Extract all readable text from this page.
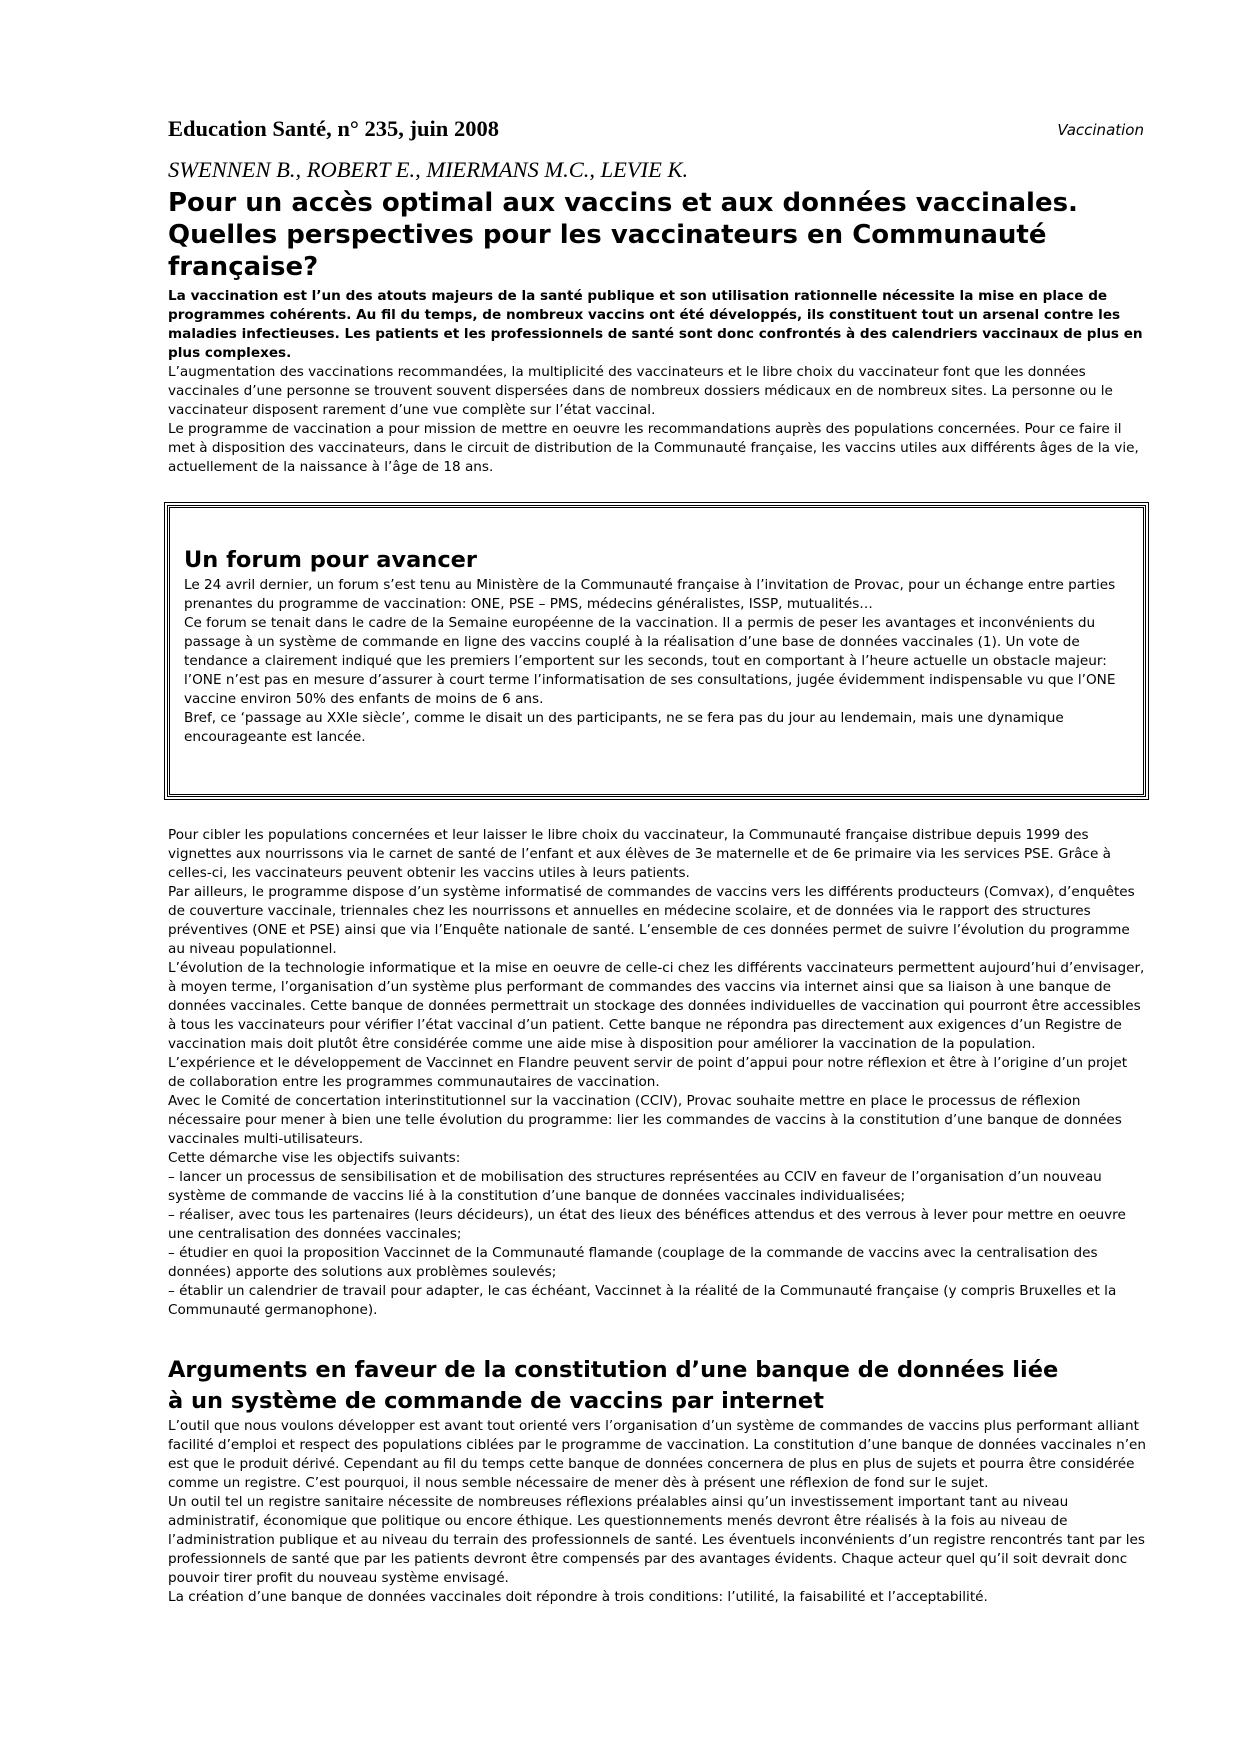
Education Santé, n° 235, juin 2008	Vaccination
SWENNEN B., ROBERT E., MIERMANS M.C., LEVIE K.
Pour un accès optimal aux vaccins et aux données vaccinales.
Quelles perspectives pour les vaccinateurs en Communauté
française?

La vaccination est l’un des atouts majeurs de la santé publique et son utilisation rationnelle nécessite la mise en place de programmes cohérents. Au fil du temps, de nombreux vaccins ont été développés, ils constituent tout un arsenal contre les maladies infectieuses. Les patients et les professionnels de santé sont donc confrontés à des calendriers vaccinaux de plus en plus complexes.

L’augmentation des vaccinations recommandées, la multiplicité des vaccinateurs et le libre choix du vaccinateur font que les données vaccinales d’une personne se trouvent souvent dispersées dans de nombreux dossiers médicaux en de nombreux sites. La personne ou le vaccinateur disposent rarement d’une vue complète sur l’état vaccinal.

Le programme de vaccination a pour mission de mettre en oeuvre les recommandations auprès des populations concernées. Pour ce faire il met à disposition des vaccinateurs, dans le circuit de distribution de la Communauté française, les vaccins utiles aux différents âges de la vie, actuellement de la naissance à l’âge de 18 ans.

Un forum pour avancer

Le 24 avril dernier, un forum s’est tenu au Ministère de la Communauté française à l’invitation de Provac, pour un échange entre parties prenantes du programme de vaccination: ONE, PSE – PMS, médecins généralistes, ISSP, mutualités…

Ce forum se tenait dans le cadre de la Semaine européenne de la vaccination. Il a permis de peser les avantages et inconvénients du passage à un système de commande en ligne des vaccins couplé à la réalisation d’une base de données vaccinales (1). Un vote de tendance a clairement indiqué que les premiers l’emportent sur les seconds, tout en comportant à l’heure actuelle un obstacle majeur: l’ONE n’est pas en mesure d’assurer à court terme l’informatisation de ses consultations, jugée évidemment indispensable vu que l’ONE vaccine environ 50% des enfants de moins de 6 ans.

Bref, ce ‘passage au XXIe siècle’, comme le disait un des participants, ne se fera pas du jour au lendemain, mais une dynamique encourageante est lancée.

Pour cibler les populations concernées et leur laisser le libre choix du vaccinateur, la Communauté française distribue depuis 1999 des vignettes aux nourrissons via le carnet de santé de l’enfant et aux élèves de 3e maternelle et de 6e primaire via les services PSE. Grâce à celles-ci, les vaccinateurs peuvent obtenir les vaccins utiles à leurs patients.

Par ailleurs, le programme dispose d’un système informatisé de commandes de vaccins vers les différents producteurs (Comvax), d’enquêtes de couverture vaccinale, triennales chez les nourrissons et annuelles en médecine scolaire, et de données via le rapport des structures préventives (ONE et PSE) ainsi que via l’Enquête nationale de santé. L’ensemble de ces données permet de suivre l’évolution du programme au niveau populationnel.

L’évolution de la technologie informatique et la mise en oeuvre de celle-ci chez les différents vaccinateurs permettent aujourd’hui d’envisager, à moyen terme, l’organisation d’un système plus performant de commandes des vaccins via internet ainsi que sa liaison à une banque de données vaccinales. Cette banque de données permettrait un stockage des données individuelles de vaccination qui pourront être accessibles à tous les vaccinateurs pour vérifier l’état vaccinal d’un patient. Cette banque ne répondra pas directement aux exigences d’un Registre de vaccination mais doit plutôt être considérée comme une aide mise à disposition pour améliorer la vaccination de la population.

L’expérience et le développement de Vaccinnet en Flandre peuvent servir de point d’appui pour notre réflexion et être à l’origine d’un projet de collaboration entre les programmes communautaires de vaccination.

Avec le Comité de concertation interinstitutionnel sur la vaccination (CCIV), Provac souhaite mettre en place le processus de réflexion nécessaire pour mener à bien une telle évolution du programme: lier les commandes de vaccins à la constitution d’une banque de données vaccinales multi-utilisateurs.

Cette démarche vise les objectifs suivants:

– lancer un processus de sensibilisation et de mobilisation des structures représentées au CCIV en faveur de l’organisation d’un nouveau système de commande de vaccins lié à la constitution d’une banque de données vaccinales individualisées;

– réaliser, avec tous les partenaires (leurs décideurs), un état des lieux des bénéfices attendus et des verrous à lever pour mettre en oeuvre une centralisation des données vaccinales;

– étudier en quoi la proposition Vaccinnet de la Communauté flamande (couplage de la commande de vaccins avec la centralisation des données) apporte des solutions aux problèmes soulevés;

– établir un calendrier de travail pour adapter, le cas échéant, Vaccinnet à la réalité de la Communauté française (y compris Bruxelles et la Communauté germanophone).

Arguments en faveur de la constitution d’une banque de données liée
à un système de commande de vaccins par internet

L’outil que nous voulons développer est avant tout orienté vers l’organisation d’un système de commandes de vaccins plus performant alliant facilité d’emploi et respect des populations ciblées par le programme de vaccination. La constitution d’une banque de données vaccinales n’en est que le produit dérivé. Cependant au fil du temps cette banque de données concernera de plus en plus de sujets et pourra être considérée comme un registre. C’est pourquoi, il nous semble nécessaire de mener dès à présent une réflexion de fond sur le sujet.

Un outil tel un registre sanitaire nécessite de nombreuses réflexions préalables ainsi qu’un investissement important tant au niveau administratif, économique que politique ou encore éthique. Les questionnements menés devront être réalisés à la fois au niveau de l’administration publique et au niveau du terrain des professionnels de santé. Les éventuels inconvénients d’un registre rencontrés tant par les professionnels de santé que par les patients devront être compensés par des avantages évidents. Chaque acteur quel qu’il soit devrait donc pouvoir tirer profit du nouveau système envisagé.

La création d’une banque de données vaccinales doit répondre à trois conditions: l’utilité, la faisabilité et l’acceptabilité.
